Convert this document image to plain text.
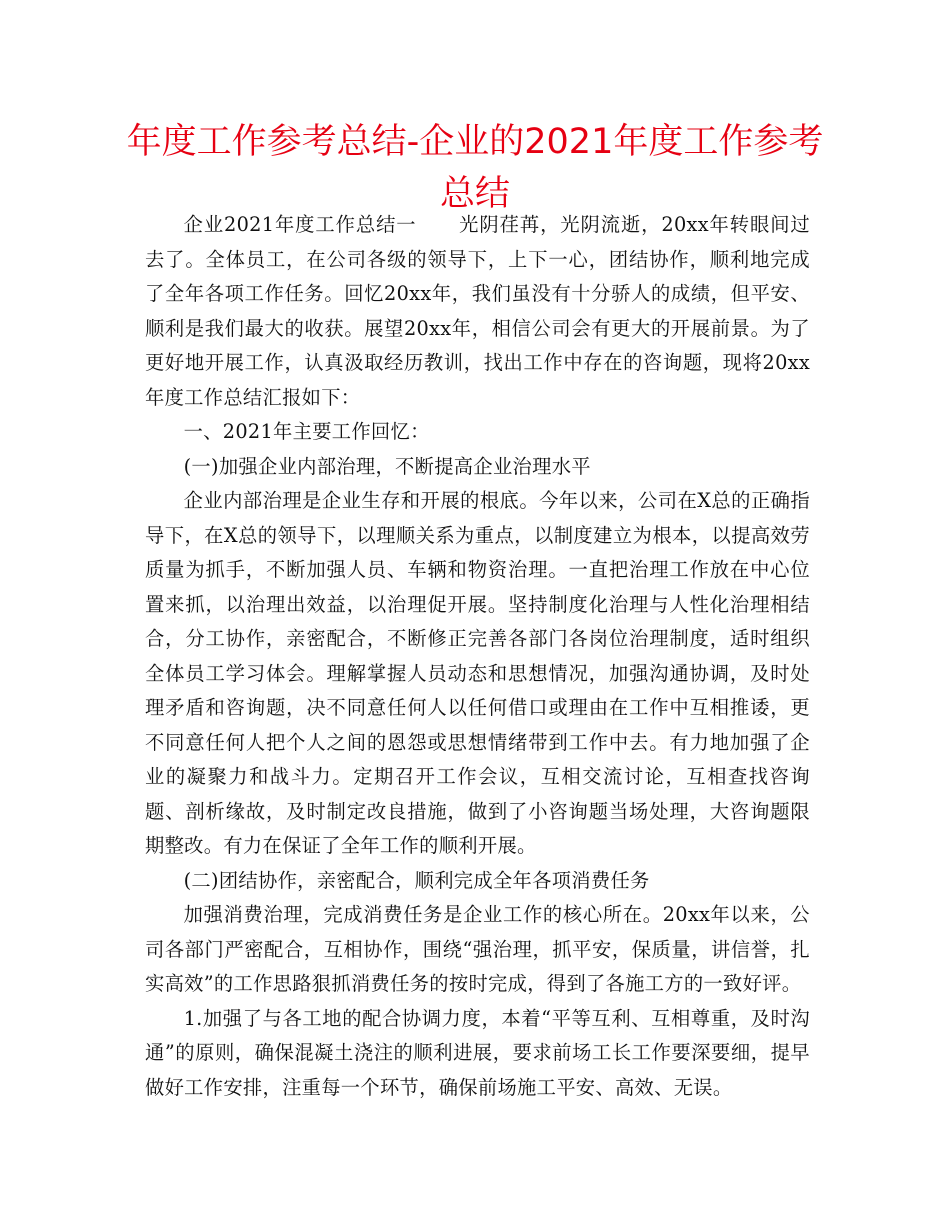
年度工作参考总结-企业的2021年度工作参考总结

企业2021年度工作总结一 光阴荏苒，光阴流逝，20xx年转眼间过去了。全体员工，在公司各级的领导下，上下一心，团结协作，顺利地完成了全年各项工作任务。回忆20xx年，我们虽没有十分骄人的成绩，但平安、顺利是我们最大的收获。展望20xx年，相信公司会有更大的开展前景。为了更好地开展工作，认真汲取经历教训，找出工作中存在的咨询题，现将20xx年度工作总结汇报如下：

一、2021年主要工作回忆：

(一)加强企业内部治理，不断提高企业治理水平

企业内部治理是企业生存和开展的根底。今年以来，公司在X总的正确指导下，在X总的领导下，以理顺关系为重点，以制度建立为根本，以提高效劳质量为抓手，不断加强人员、车辆和物资治理。一直把治理工作放在中心位置来抓，以治理出效益，以治理促开展。坚持制度化治理与人性化治理相结合，分工协作，亲密配合，不断修正完善各部门各岗位治理制度，适时组织全体员工学习体会。理解掌握人员动态和思想情况，加强沟通协调，及时处理矛盾和咨询题，决不同意任何人以任何借口或理由在工作中互相推诿，更不同意任何人把个人之间的恩怨或思想情绪带到工作中去。有力地加强了企业的凝聚力和战斗力。定期召开工作会议，互相交流讨论，互相查找咨询题、剖析缘故，及时制定改良措施，做到了小咨询题当场处理，大咨询题限期整改。有力在保证了全年工作的顺利开展。

(二)团结协作，亲密配合，顺利完成全年各项消费任务

加强消费治理，完成消费任务是企业工作的核心所在。20xx年以来，公司各部门严密配合，互相协作，围绕“强治理，抓平安，保质量，讲信誉，扎实高效”的工作思路狠抓消费任务的按时完成，得到了各施工方的一致好评。

1.加强了与各工地的配合协调力度，本着“平等互利、互相尊重，及时沟通”的原则，确保混凝土浇注的顺利进展，要求前场工长工作要深要细，提早做好工作安排，注重每一个环节，确保前场施工平安、高效、无误。
